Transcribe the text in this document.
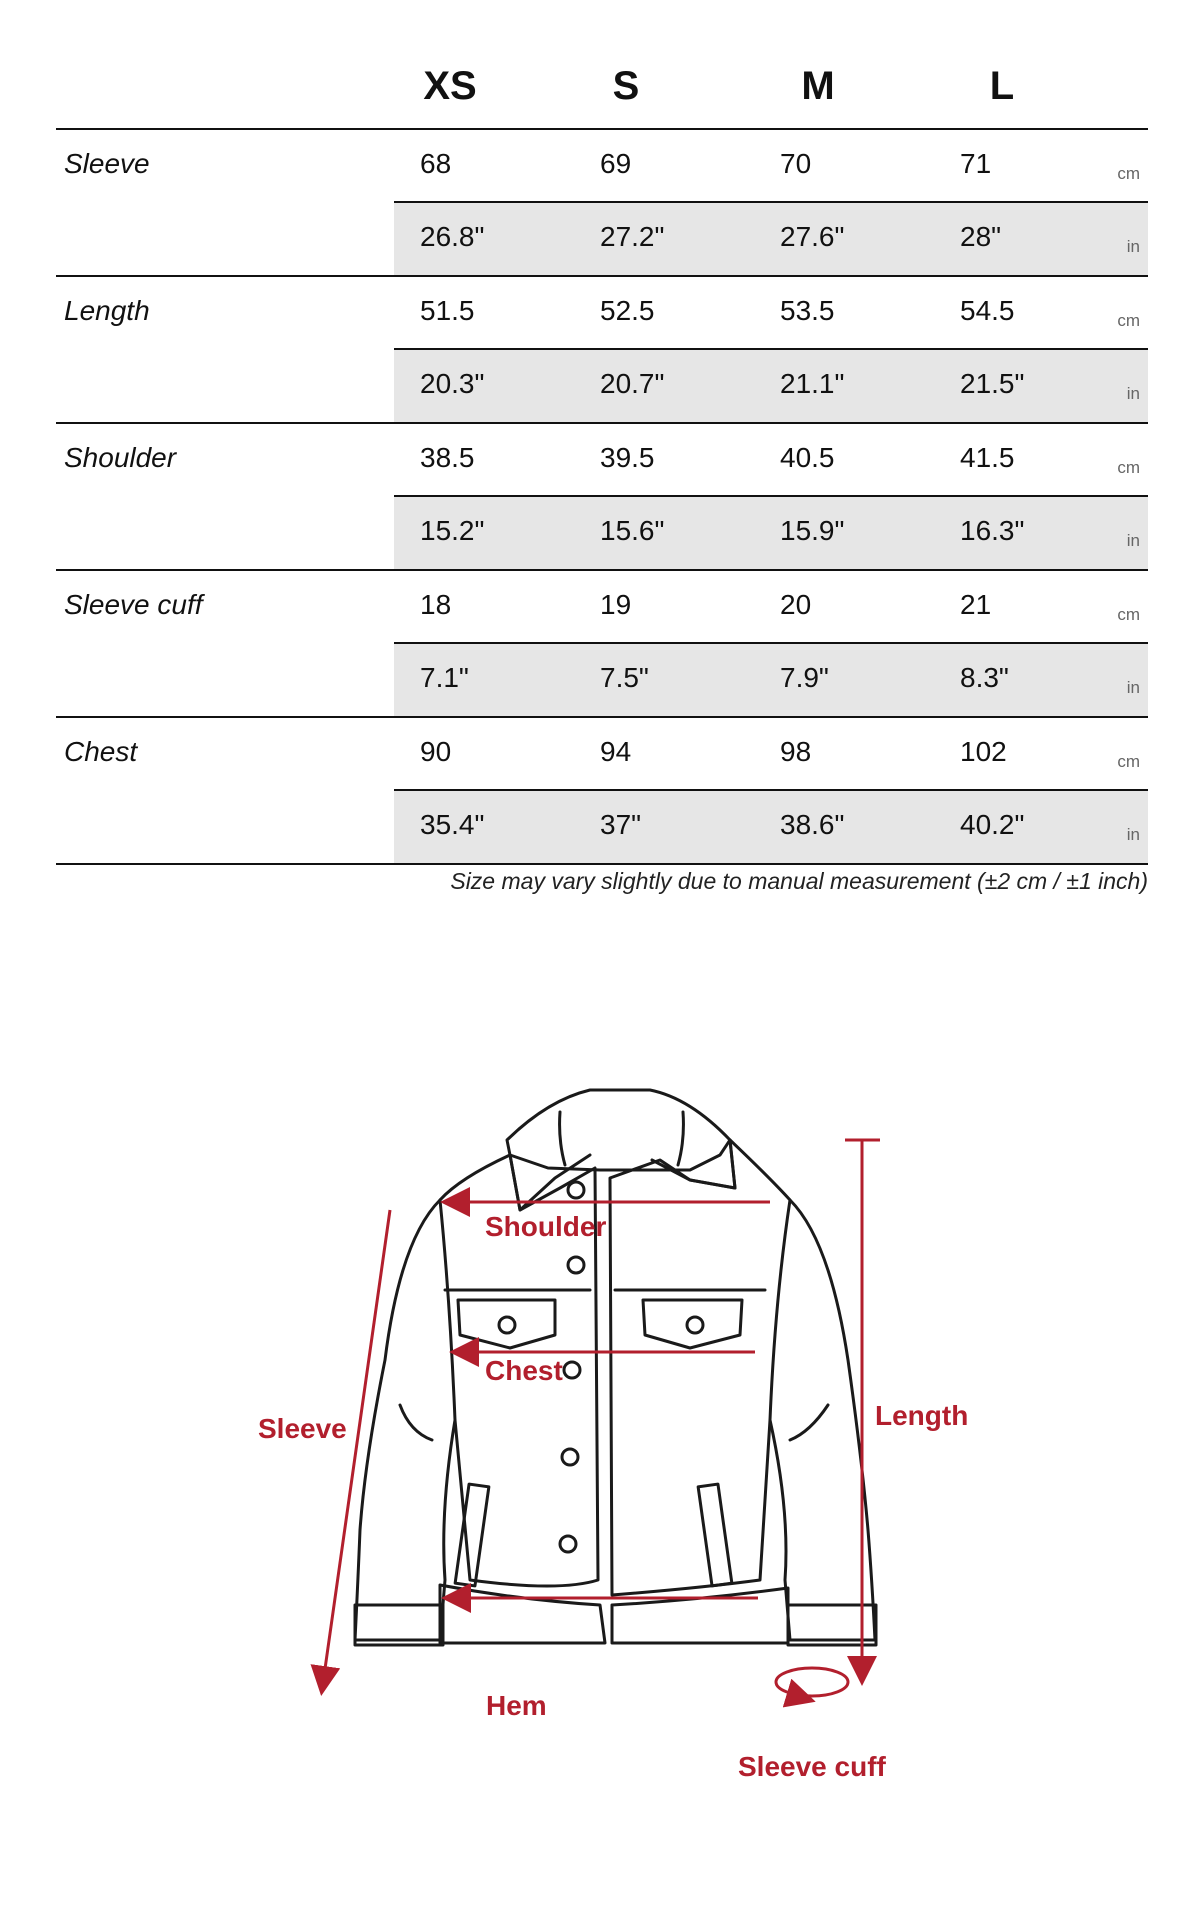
XS	S	M	L
Sleeve	68	69	70	71	cm
26.8"	27.2"	27.6"	28"	in
Length	51.5	52.5	53.5	54.5	cm
20.3"	20.7"	21.1"	21.5"	in
Shoulder	38.5	39.5	40.5	41.5	cm
15.2"	15.6"	15.9"	16.3"	in
Sleeve cuff	18	19	20	21	cm
7.1"	7.5"	7.9"	8.3"	in
Chest	90	94	98	102	cm
35.4"	37"	38.6"	40.2"	in
Size may vary slightly due to manual measurement (±2 cm / ±1 inch)
Shoulder
Chest
Sleeve	Length
Hem
Sleeve cuff
